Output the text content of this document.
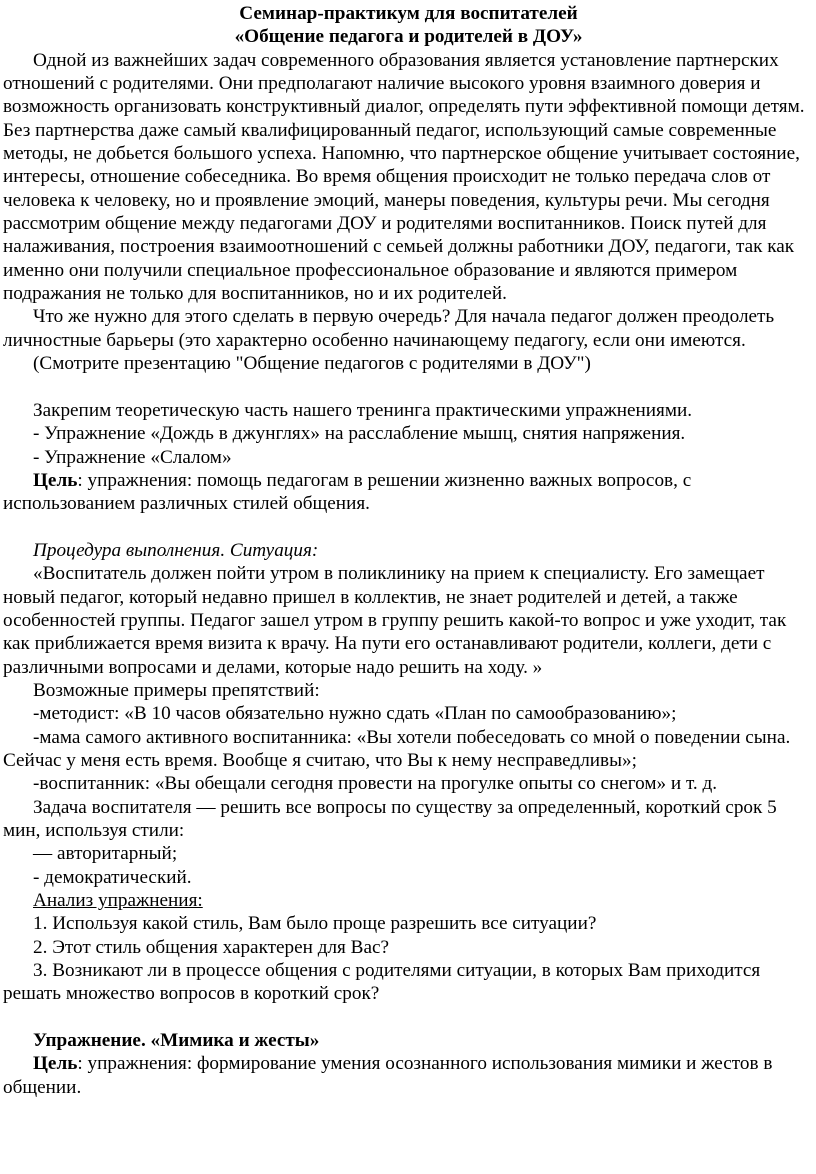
Семинар-практикум для воспитателей
«Общение педагога и родителей в ДОУ»

Одной из важнейших задач современного образования является установление партнерских отношений с родителями. Они предполагают наличие высокого уровня взаимного доверия и возможность организовать конструктивный диалог, определять пути эффективной помощи детям. Без партнерства даже самый квалифицированный педагог, использующий самые современные методы, не добьется большого успеха. Напомню, что партнерское общение учитывает состояние, интересы, отношение собеседника. Во время общения происходит не только передача слов от человека к человеку, но и проявление эмоций, манеры поведения, культуры речи. Мы сегодня рассмотрим общение между педагогами ДОУ и родителями воспитанников. Поиск путей для налаживания, построения взаимоотношений с семьей должны работники ДОУ, педагоги, так как именно они получили специальное профессиональное образование и являются примером подражания не только для воспитанников, но и их родителей.

Что же нужно для этого сделать в первую очередь? Для начала педагог должен преодолеть личностные барьеры (это характерно особенно начинающему педагогу, если они имеются.

(Смотрите презентацию "Общение педагогов с родителями в ДОУ")

Закрепим теоретическую часть нашего тренинга практическими упражнениями.

- Упражнение «Дождь в джунглях» на расслабление мышц, снятия напряжения.

- Упражнение «Слалом»

Цель: упражнения: помощь педагогам в решении жизненно важных вопросов, с использованием различных стилей общения.

Процедура выполнения. Ситуация:

«Воспитатель должен пойти утром в поликлинику на прием к специалисту. Его замещает новый педагог, который недавно пришел в коллектив, не знает родителей и детей, а также особенностей группы. Педагог зашел утром в группу решить какой-то вопрос и уже уходит, так как приближается время визита к врачу. На пути его останавливают родители, коллеги, дети с различными вопросами и делами, которые надо решить на ходу. »

Возможные примеры препятствий:

-методист: «В 10 часов обязательно нужно сдать «План по самообразованию»;

-мама самого активного воспитанника: «Вы хотели побеседовать со мной о поведении сына. Сейчас у меня есть время. Вообще я считаю, что Вы к нему несправедливы»;

-воспитанник: «Вы обещали сегодня провести на прогулке опыты со снегом» и т. д.

Задача воспитателя — решить все вопросы по существу за определенный, короткий срок 5 мин, используя стили:

— авторитарный;

- демократический.

Анализ упражнения:

1. Используя какой стиль, Вам было проще разрешить все ситуации?

2. Этот стиль общения характерен для Вас?

3. Возникают ли в процессе общения с родителями ситуации, в которых Вам приходится решать множество вопросов в короткий срок?

Упражнение. «Мимика и жесты»

Цель: упражнения: формирование умения осознанного использования мимики и жестов в общении.
